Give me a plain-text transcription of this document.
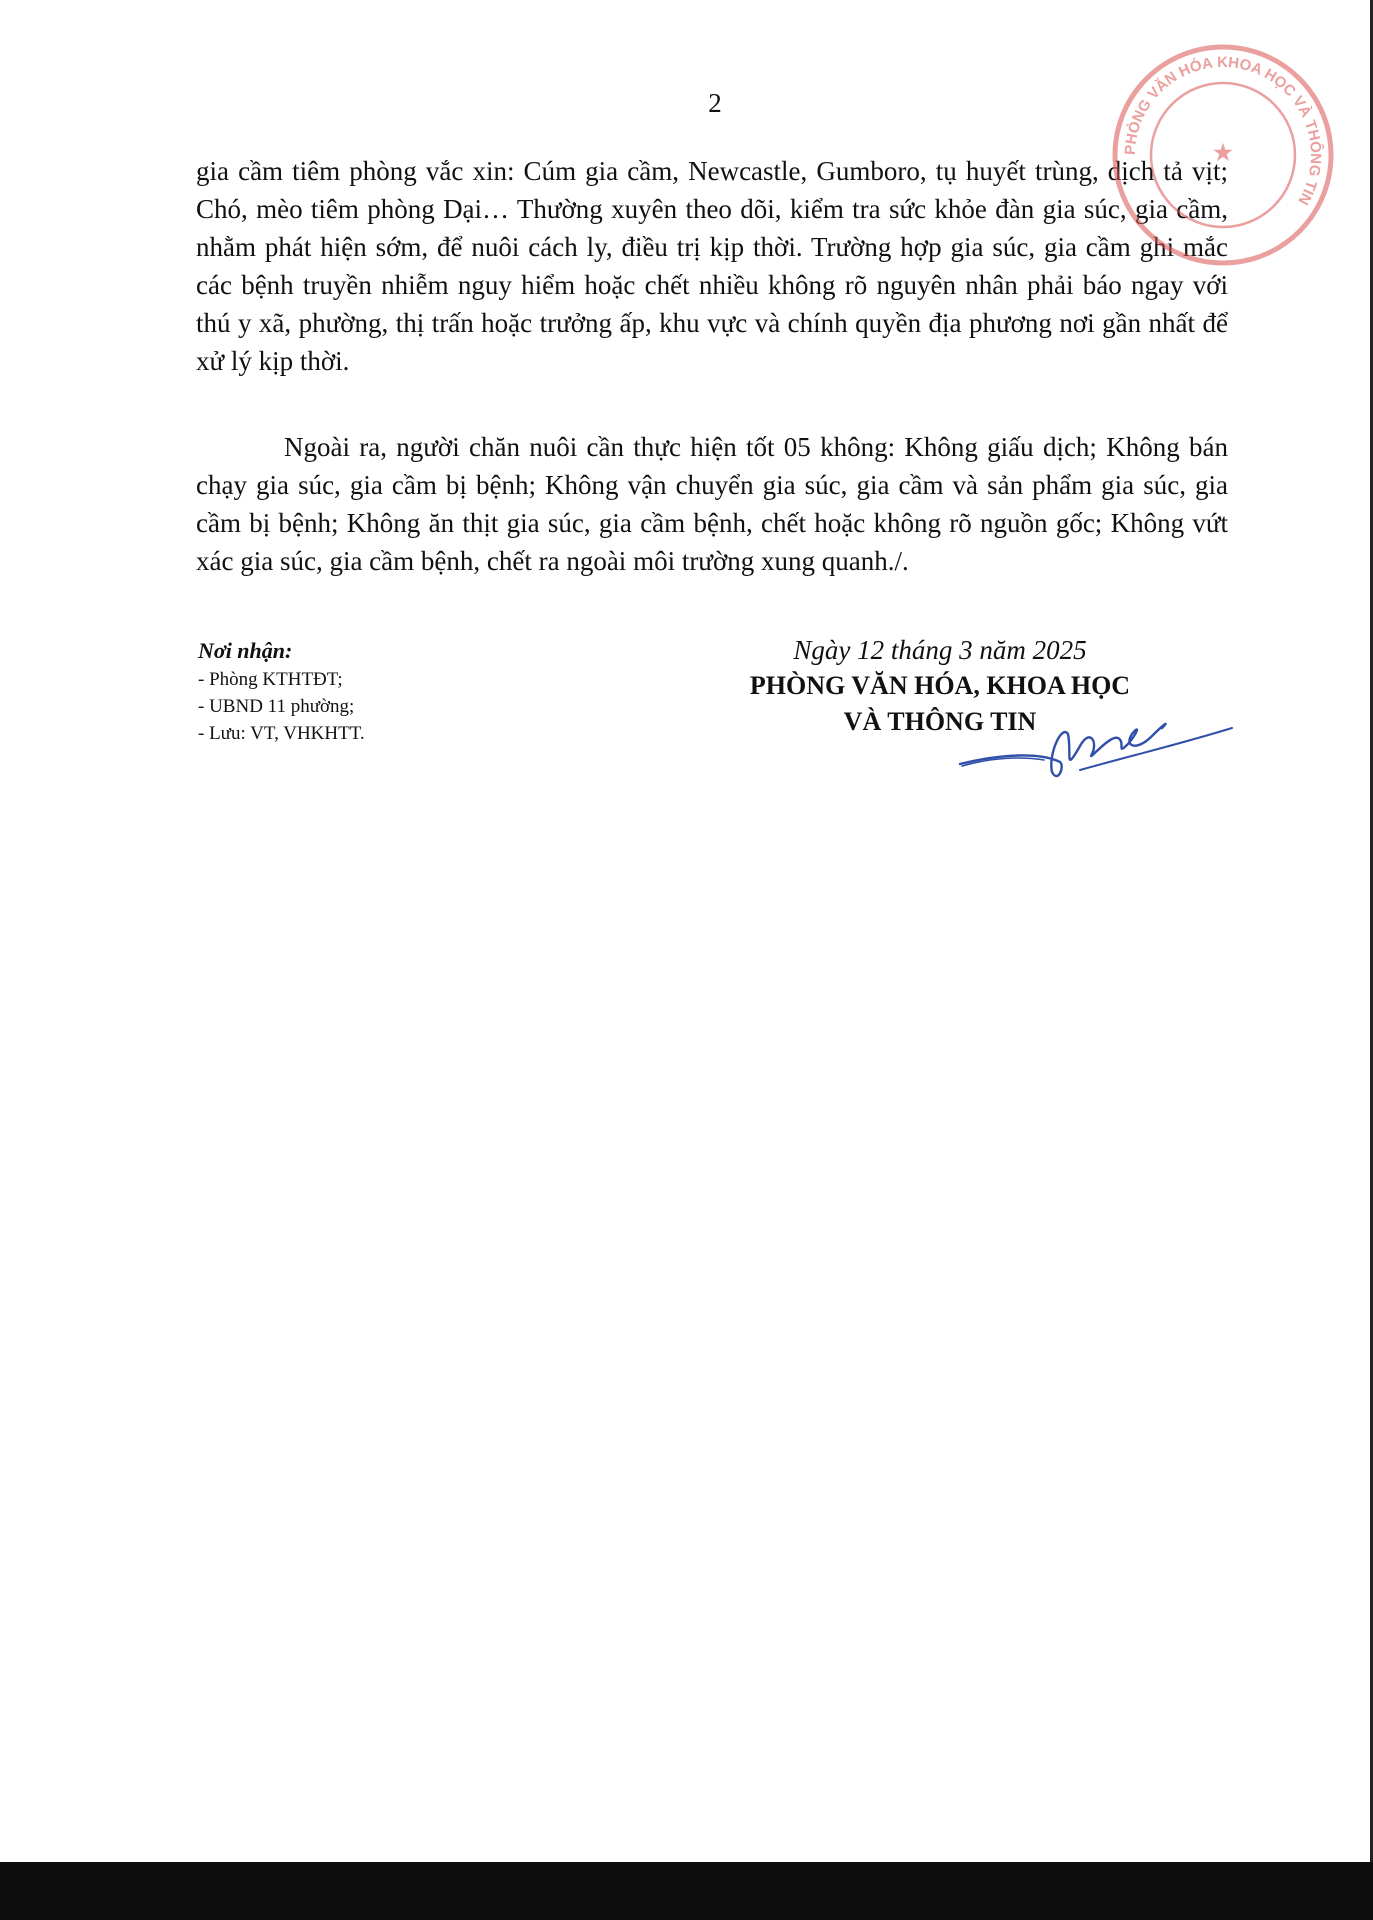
2

gia cầm tiêm phòng vắc xin: Cúm gia cầm, Newcastle, Gumboro, tụ huyết trùng, dịch tả vịt; Chó, mèo tiêm phòng Dại… Thường xuyên theo dõi, kiểm tra sức khỏe đàn gia súc, gia cầm, nhằm phát hiện sớm, để nuôi cách ly, điều trị kịp thời. Trường hợp gia súc, gia cầm ghi mắc các bệnh truyền nhiễm nguy hiểm hoặc chết nhiều không rõ nguyên nhân phải báo ngay với thú y xã, phường, thị trấn hoặc trưởng ấp, khu vực và chính quyền địa phương nơi gần nhất để xử lý kịp thời.

Ngoài ra, người chăn nuôi cần thực hiện tốt 05 không: Không giấu dịch; Không bán chạy gia súc, gia cầm bị bệnh; Không vận chuyển gia súc, gia cầm và sản phẩm gia súc, gia cầm bị bệnh; Không ăn thịt gia súc, gia cầm bệnh, chết hoặc không rõ nguồn gốc; Không vứt xác gia súc, gia cầm bệnh, chết ra ngoài môi trường xung quanh./.

Nơi nhận:
- Phòng KTHTĐT;
- UBND 11 phường;
- Lưu: VT, VHKHTT.
Ngày 12 tháng 3 năm 2025
PHÒNG VĂN HÓA, KHOA HỌC
VÀ THÔNG TIN
PHÒNG VĂN HÓA KHOA HỌC VÀ THÔNG TIN
★
